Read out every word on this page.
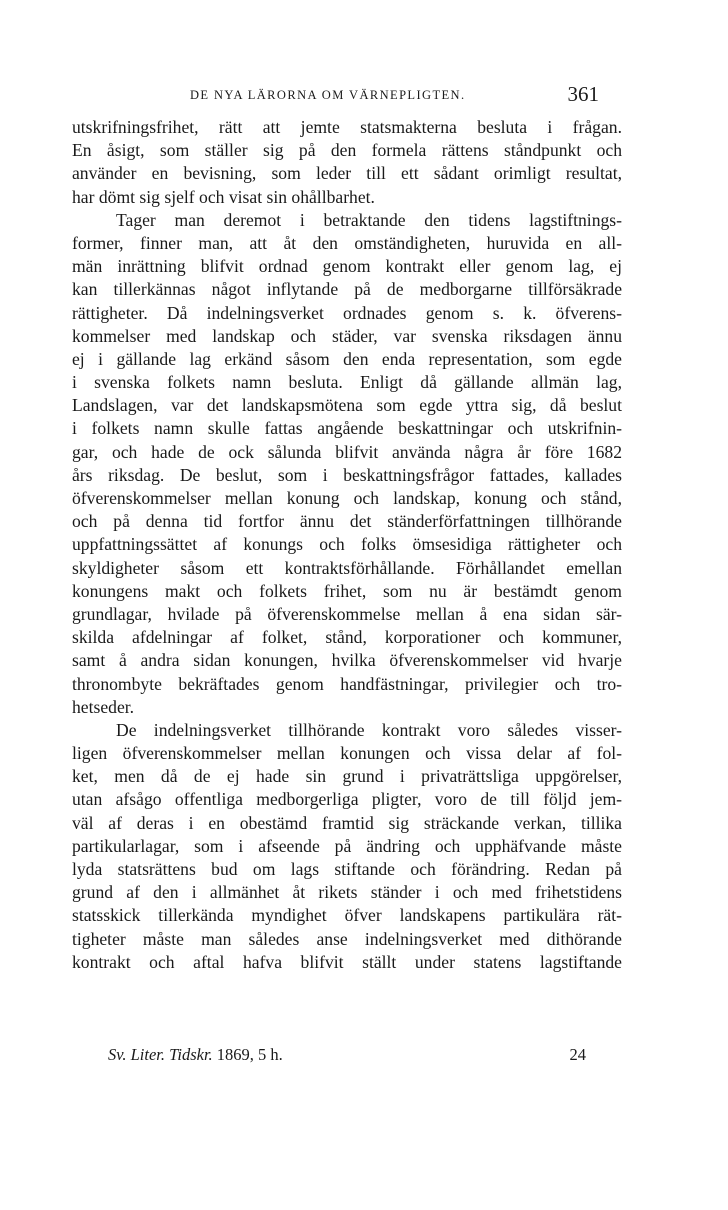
DE NYA LÄRORNA OM VÄRNEPLIGTEN.	361
utskrifningsfrihet, rätt att jemte statsmakterna besluta i frågan.
En åsigt, som ställer sig på den formela rättens ståndpunkt och
använder en bevisning, som leder till ett sådant orimligt resultat,
har dömt sig sjelf och visat sin ohållbarhet.
Tager man deremot i betraktande den tidens lagstiftnings-
former, finner man, att åt den omständigheten, huruvida en all-
män inrättning blifvit ordnad genom kontrakt eller genom lag, ej
kan tillerkännas något inflytande på de medborgarne tillförsäkrade
rättigheter. Då indelningsverket ordnades genom s. k. öfverens-
kommelser med landskap och städer, var svenska riksdagen ännu
ej i gällande lag erkänd såsom den enda representation, som egde
i svenska folkets namn besluta. Enligt då gällande allmän lag,
Landslagen, var det landskapsmötena som egde yttra sig, då beslut
i folkets namn skulle fattas angående beskattningar och utskrifnin-
gar, och hade de ock sålunda blifvit använda några år före 1682
års riksdag. De beslut, som i beskattningsfrågor fattades, kallades
öfverenskommelser mellan konung och landskap, konung och stånd,
och på denna tid fortfor ännu det ständerförfattningen tillhörande
uppfattningssättet af konungs och folks ömsesidiga rättigheter och
skyldigheter såsom ett kontraktsförhållande. Förhållandet emellan
konungens makt och folkets frihet, som nu är bestämdt genom
grundlagar, hvilade på öfverenskommelse mellan å ena sidan sär-
skilda afdelningar af folket, stånd, korporationer och kommuner,
samt å andra sidan konungen, hvilka öfverenskommelser vid hvarje
thronombyte bekräftades genom handfästningar, privilegier och tro-
hetseder.
De indelningsverket tillhörande kontrakt voro således visser-
ligen öfverenskommelser mellan konungen och vissa delar af fol-
ket, men då de ej hade sin grund i privaträttsliga uppgörelser,
utan afsågo offentliga medborgerliga pligter, voro de till följd jem-
väl af deras i en obestämd framtid sig sträckande verkan, tillika
partikularlagar, som i afseende på ändring och upphäfvande måste
lyda statsrättens bud om lags stiftande och förändring. Redan på
grund af den i allmänhet åt rikets ständer i och med frihetstidens
statsskick tillerkända myndighet öfver landskapens partikulära rät-
tigheter måste man således anse indelningsverket med dithörande
kontrakt och aftal hafva blifvit ställt under statens lagstiftande
Sv. Liter. Tidskr. 1869, 5 h.	24
